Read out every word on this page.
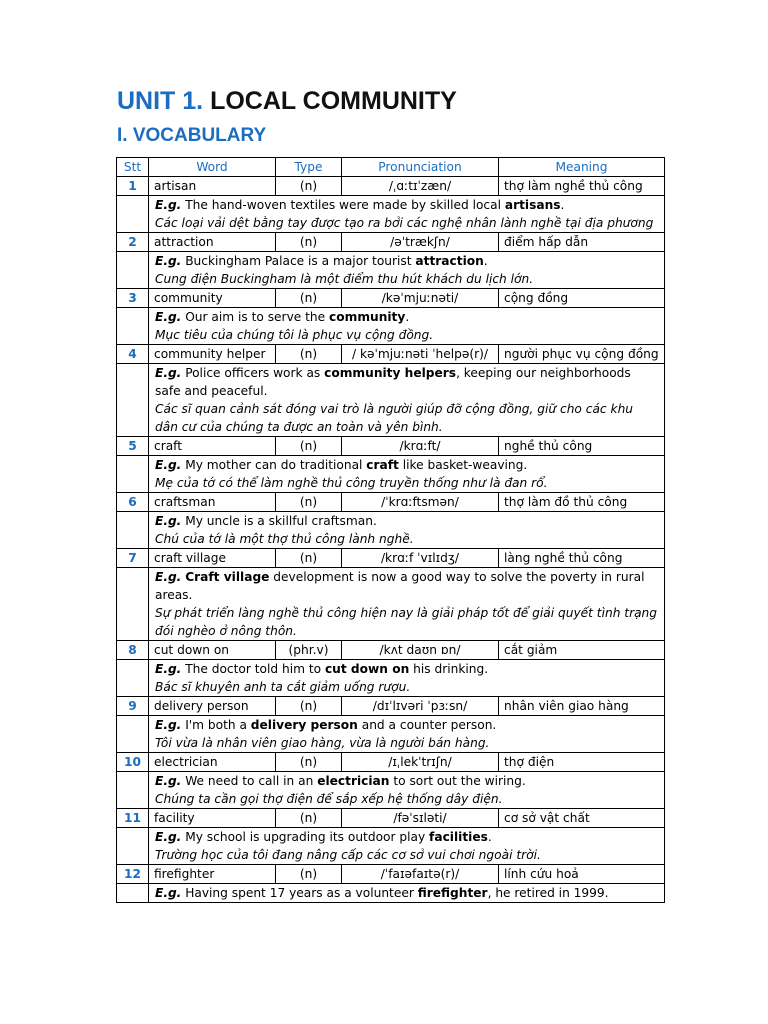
UNIT 1. LOCAL COMMUNITY
I. VOCABULARY
Stt	Word	Type	Pronunciation	Meaning
1	artisan	(n)	/ˌɑːtɪˈzæn/	thợ làm nghề thủ công

	E.g. The hand-woven textiles were made by skilled local artisans.
Các loại vải dệt bằng tay được tạo ra bởi các nghệ nhân lành nghề tại địa phương			

2	attraction	(n)	/əˈtrækʃn/	điểm hấp dẫn

	E.g. Buckingham Palace is a major tourist attraction.
Cung điện Buckingham là một điểm thu hút khách du lịch lớn.			

3	community	(n)	/kəˈmjuːnəti/	cộng đồng

	E.g. Our aim is to serve the community.
Mục tiêu của chúng tôi là phục vụ cộng đồng.			

4	community helper	(n)	/ kəˈmjuːnəti ˈhelpə(r)/	người phục vụ cộng đồng

	E.g. Police officers work as community helpers, keeping our neighborhoods safe and peaceful.
Các sĩ quan cảnh sát đóng vai trò là người giúp đỡ cộng đồng, giữ cho các khu dân cư của chúng ta được an toàn và yên bình.			

5	craft	(n)	/krɑːft/	nghề thủ công

	E.g. My mother can do traditional craft like basket-weaving.
Mẹ của tớ có thể làm nghề thủ công truyền thống như là đan rổ.			

6	craftsman	(n)	/ˈkrɑːftsmən/	thợ làm đồ thủ công

	E.g. My uncle is a skillful craftsman.
Chú của tớ là một thợ thủ công lành nghề.			

7	craft village	(n)	/krɑːf ˈvɪlɪdʒ/	làng nghề thủ công

	E.g. Craft village development is now a good way to solve the poverty in rural areas.
Sự phát triển làng nghề thủ công hiện nay là giải pháp tốt để giải quyết tình trạng đói nghèo ở nông thôn.			

8	cut down on	(phr.v)	/kʌt daʊn ɒn/	cắt giảm

	E.g. The doctor told him to cut down on his drinking.
Bác sĩ khuyên anh ta cắt giảm uống rượu.			

9	delivery person	(n)	/dɪˈlɪvəri ˈpɜːsn/	nhân viên giao hàng

	E.g. I'm both a delivery person and a counter person.
Tôi vừa là nhân viên giao hàng, vừa là người bán hàng.			

10	electrician	(n)	/ɪˌlekˈtrɪʃn/	thợ điện

	E.g. We need to call in an electrician to sort out the wiring.
Chúng ta cần gọi thợ điện để sắp xếp hệ thống dây điện.			

11	facility	(n)	/fəˈsɪləti/	cơ sở vật chất

	E.g. My school is upgrading its outdoor play facilities.
Trường học của tôi đang nâng cấp các cơ sở vui chơi ngoài trời.			

12	firefighter	(n)	/ˈfaɪəfaɪtə(r)/	lính cứu hoả

	E.g. Having spent 17 years as a volunteer firefighter, he retired in 1999.			
